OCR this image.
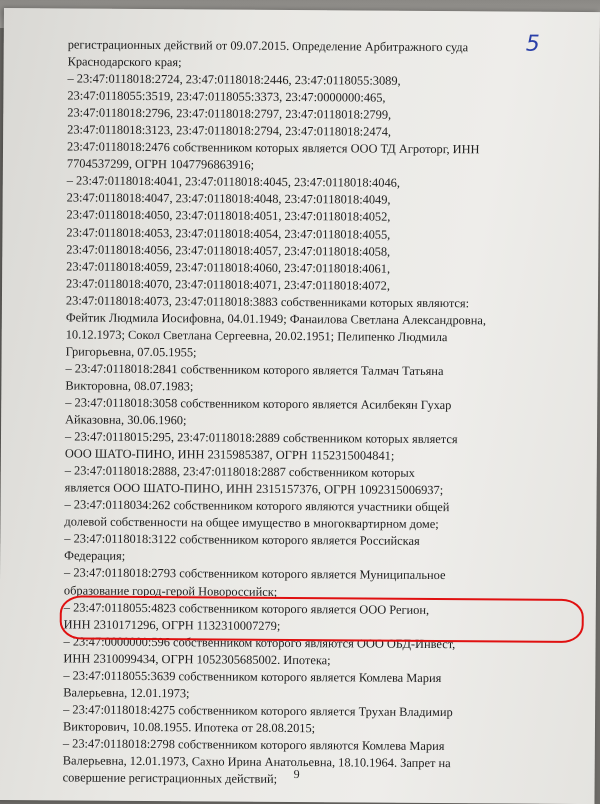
5
регистрационных действий от 09.07.2015. Определение Арбитражного суда
Краснодарского края;
– 23:47:0118018:2724, 23:47:0118018:2446, 23:47:0118055:3089,
23:47:0118055:3519, 23:47:0118055:3373, 23:47:0000000:465,
23:47:0118018:2796, 23:47:0118018:2797, 23:47:0118018:2799,
23:47:0118018:3123, 23:47:0118018:2794, 23:47:0118018:2474,
23:47:0118018:2476 собственником которых является ООО ТД Агроторг, ИНН
7704537299, ОГРН 1047796863916;
– 23:47:0118018:4041, 23:47:0118018:4045, 23:47:0118018:4046,
23:47:0118018:4047, 23:47:0118018:4048, 23:47:0118018:4049,
23:47:0118018:4050, 23:47:0118018:4051, 23:47:0118018:4052,
23:47:0118018:4053, 23:47:0118018:4054, 23:47:0118018:4055,
23:47:0118018:4056, 23:47:0118018:4057, 23:47:0118018:4058,
23:47:0118018:4059, 23:47:0118018:4060, 23:47:0118018:4061,
23:47:0118018:4070, 23:47:0118018:4071, 23:47:0118018:4072,
23:47:0118018:4073, 23:47:0118018:3883 собственниками которых являются:
Фейтик Людмила Иосифовна, 04.01.1949; Фанаилова Светлана Александровна,
10.12.1973; Сокол Светлана Сергеевна, 20.02.1951; Пелипенко Людмила
Григорьевна, 07.05.1955;
– 23:47:0118018:2841 собственником которого является Талмач Татьяна
Викторовна, 08.07.1983;
– 23:47:0118018:3058 собственником которого является Асилбекян Гухар
Айказовна, 30.06.1960;
– 23:47:0118015:295, 23:47:0118018:2889 собственником которых является
ООО ШАТО-ПИНО, ИНН 2315985387, ОГРН 1152315004841;
– 23:47:0118018:2888, 23:47:0118018:2887 собственником которых
является ООО ШАТО-ПИНО, ИНН 2315157376, ОГРН 1092315006937;
– 23:47:0118034:262 собственником которого являются участники общей
долевой собственности на общее имущество в многоквартирном доме;
– 23:47:0118018:3122 собственником которого является Российская
Федерация;
– 23:47:0118018:2793 собственником которого является Муниципальное
образование город-герой Новороссийск;
– 23:47:0118055:4823 собственником которого является ООО Регион,
ИНН 2310171296, ОГРН 1132310007279;
– 23:47:0000000:596 собственником которого являются ООО ОБД-Инвест,
ИНН 2310099434, ОГРН 1052305685002. Ипотека;
– 23:47:0118055:3639 собственником которого является Комлева Мария
Валерьевна, 12.01.1973;
– 23:47:0118018:4275 собственником которого является Трухан Владимир
Викторович, 10.08.1955. Ипотека от 28.08.2015;
– 23:47:0118018:2798 собственником которого являются Комлева Мария
Валерьевна, 12.01.1973, Сахно Ирина Анатольевна, 18.10.1964. Запрет на
совершение регистрационных действий;	9
